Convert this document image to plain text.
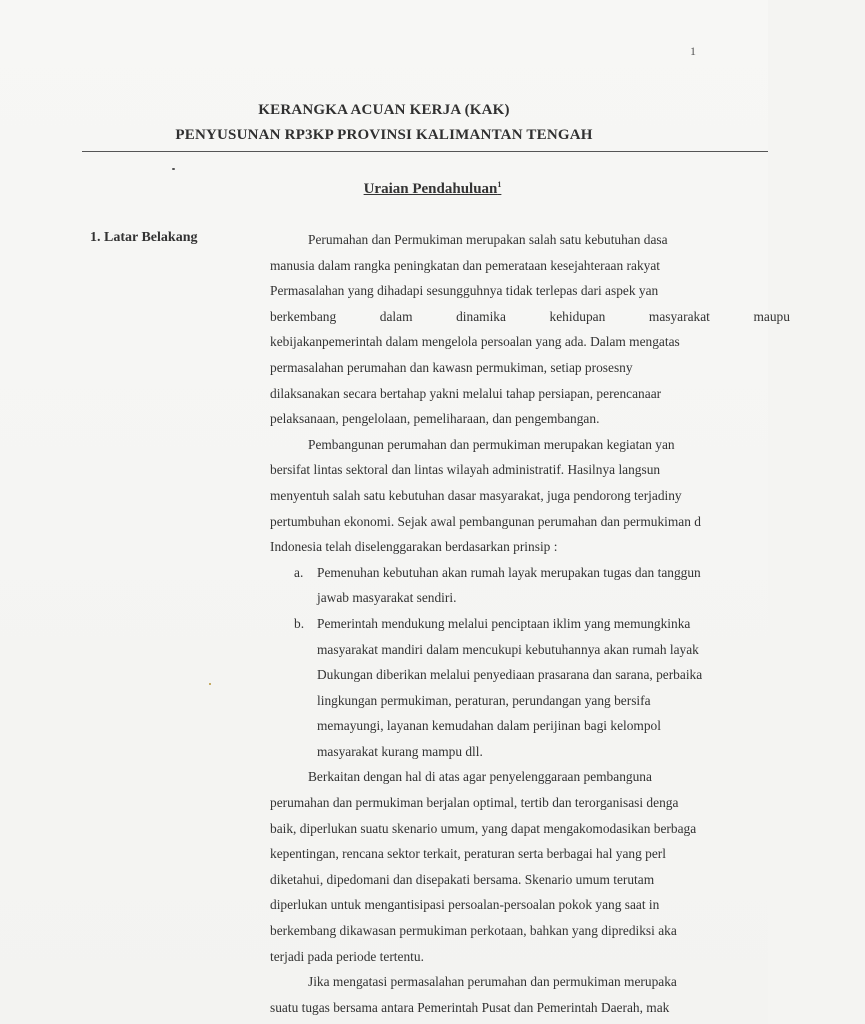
1
KERANGKA ACUAN KERJA (KAK)
PENYUSUNAN RP3KP PROVINSI KALIMANTAN TENGAH
Uraian Pendahuluan$^1$
1. Latar Belakang	Perumahan dan Permukiman merupakan salah satu kebutuhan dasa
manusia dalam rangka peningkatan dan pemerataan kesejahteraan rakyat
Permasalahan yang dihadapi sesungguhnya tidak terlepas dari aspek yan
berkembang	dalam	dinamika	kehidupan	masyarakat	maupu
kebijakanpemerintah dalam mengelola persoalan yang ada. Dalam mengatas
permasalahan perumahan dan kawasn permukiman, setiap prosesny
dilaksanakan secara bertahap yakni melalui tahap persiapan, perencanaar
pelaksanaan, pengelolaan, pemeliharaan, dan pengembangan.
Pembangunan perumahan dan permukiman merupakan kegiatan yan
bersifat lintas sektoral dan lintas wilayah administratif. Hasilnya langsun
menyentuh salah satu kebutuhan dasar masyarakat, juga pendorong terjadiny
pertumbuhan ekonomi. Sejak awal pembangunan perumahan dan permukiman d
Indonesia telah diselenggarakan berdasarkan prinsip :
a. Pemenuhan kebutuhan akan rumah layak merupakan tugas dan tanggun
jawab masyarakat sendiri.
b. Pemerintah mendukung melalui penciptaan iklim yang memungkinka
masyarakat mandiri dalam mencukupi kebutuhannya akan rumah layak
Dukungan diberikan melalui penyediaan prasarana dan sarana, perbaika
lingkungan permukiman, peraturan, perundangan yang bersifa
memayungi, layanan kemudahan dalam perijinan bagi kelompol
masyarakat kurang mampu dll.
Berkaitan dengan hal di atas agar penyelenggaraan pembanguna
perumahan dan permukiman berjalan optimal, tertib dan terorganisasi denga
baik, diperlukan suatu skenario umum, yang dapat mengakomodasikan berbaga
kepentingan, rencana sektor terkait, peraturan serta berbagai hal yang perl
diketahui, dipedomani dan disepakati bersama. Skenario umum terutam
diperlukan untuk mengantisipasi persoalan-persoalan pokok yang saat in
berkembang dikawasan permukiman perkotaan, bahkan yang diprediksi aka
terjadi pada periode tertentu.
Jika mengatasi permasalahan perumahan dan permukiman merupaka
suatu tugas bersama antara Pemerintah Pusat dan Pemerintah Daerah, mak
